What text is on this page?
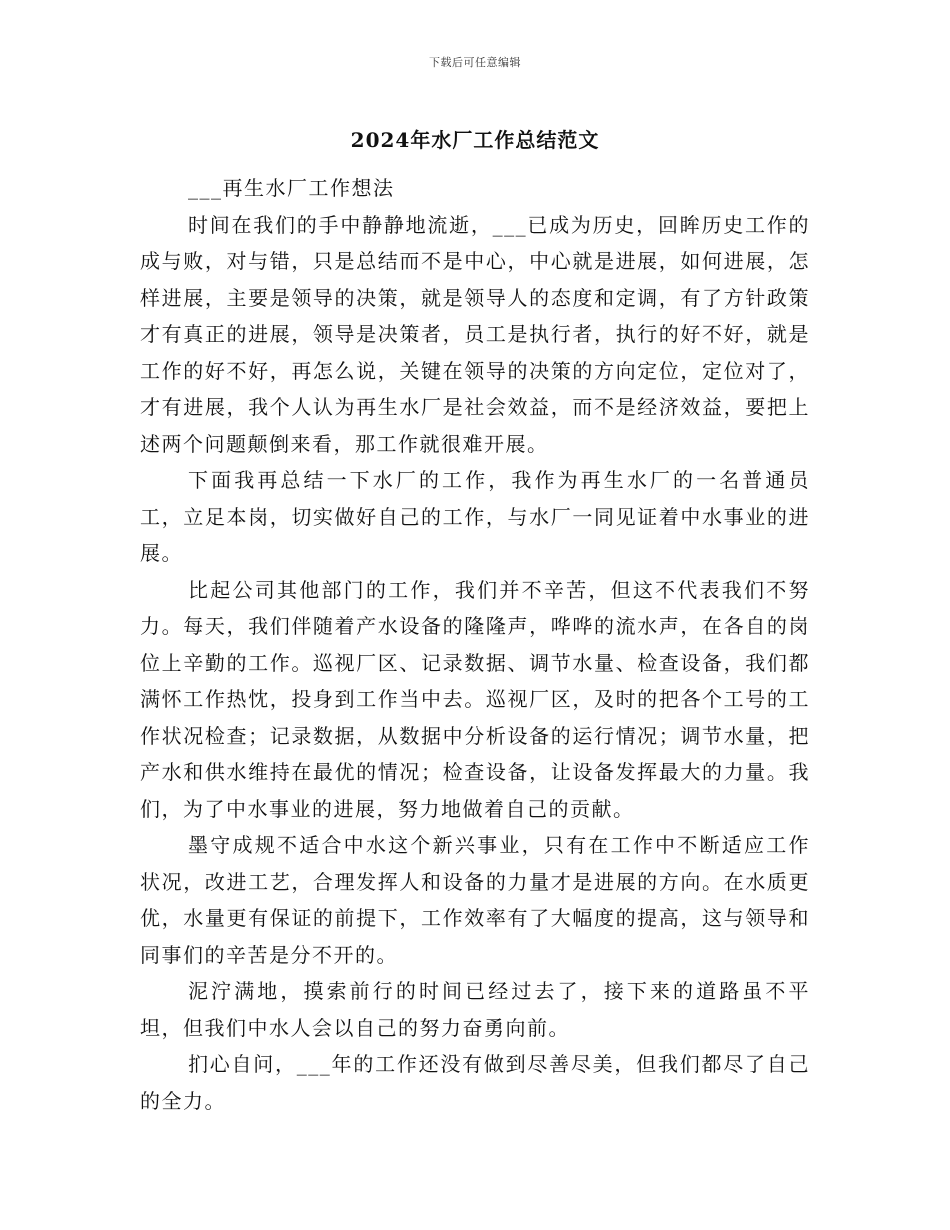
下载后可任意编辑
2024年水厂工作总结范文

___再生水厂工作想法

时间在我们的手中静静地流逝，___已成为历史，回眸历史工作的成与败，对与错，只是总结而不是中心，中心就是进展，如何进展，怎样进展，主要是领导的决策，就是领导人的态度和定调，有了方针政策才有真正的进展，领导是决策者，员工是执行者，执行的好不好，就是工作的好不好，再怎么说，关键在领导的决策的方向定位，定位对了，才有进展，我个人认为再生水厂是社会效益，而不是经济效益，要把上述两个问题颠倒来看，那工作就很难开展。

下面我再总结一下水厂的工作，我作为再生水厂的一名普通员工，立足本岗，切实做好自己的工作，与水厂一同见证着中水事业的进展。

比起公司其他部门的工作，我们并不辛苦，但这不代表我们不努力。每天，我们伴随着产水设备的隆隆声，哗哗的流水声，在各自的岗位上辛勤的工作。巡视厂区、记录数据、调节水量、检查设备，我们都满怀工作热忱，投身到工作当中去。巡视厂区，及时的把各个工号的工作状况检查；记录数据，从数据中分析设备的运行情况；调节水量，把产水和供水维持在最优的情况；检查设备，让设备发挥最大的力量。我们，为了中水事业的进展，努力地做着自己的贡献。

墨守成规不适合中水这个新兴事业，只有在工作中不断适应工作状况，改进工艺，合理发挥人和设备的力量才是进展的方向。在水质更优，水量更有保证的前提下，工作效率有了大幅度的提高，这与领导和同事们的辛苦是分不开的。

泥泞满地，摸索前行的时间已经过去了，接下来的道路虽不平坦，但我们中水人会以自己的努力奋勇向前。

扪心自问，___年的工作还没有做到尽善尽美，但我们都尽了自己的全力。
